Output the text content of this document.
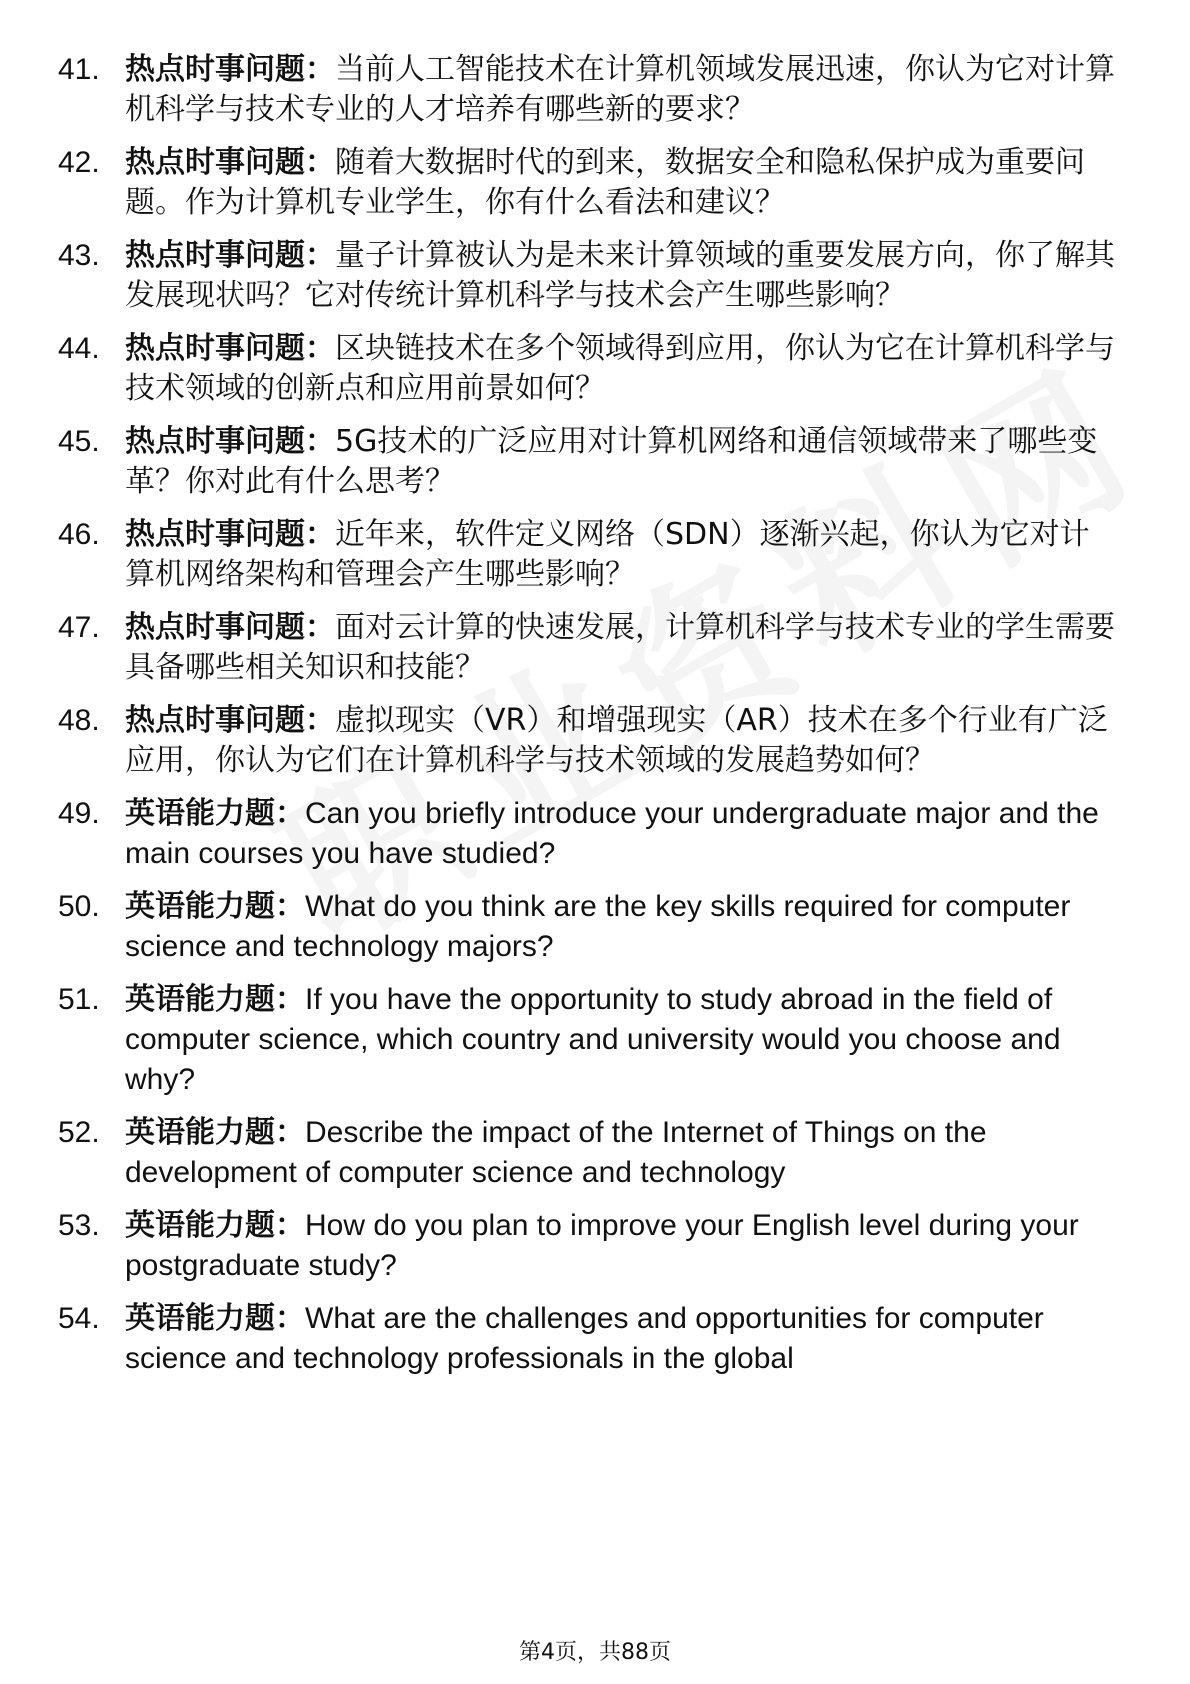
41. 热点时事问题：当前人工智能技术在计算机领域发展迅速，你认为它对计算机科学与技术专业的人才培养有哪些新的要求？
42. 热点时事问题：随着大数据时代的到来，数据安全和隐私保护成为重要问题。作为计算机专业学生，你有什么看法和建议？
43. 热点时事问题：量子计算被认为是未来计算领域的重要发展方向，你了解其发展现状吗？它对传统计算机科学与技术会产生哪些影响？
44. 热点时事问题：区块链技术在多个领域得到应用，你认为它在计算机科学与技术领域的创新点和应用前景如何？
45. 热点时事问题：5G技术的广泛应用对计算机网络和通信领域带来了哪些变革？你对此有什么思考？
46. 热点时事问题：近年来，软件定义网络（SDN）逐渐兴起，你认为它对计算机网络架构和管理会产生哪些影响？
47. 热点时事问题：面对云计算的快速发展，计算机科学与技术专业的学生需要具备哪些相关知识和技能？
48. 热点时事问题：虚拟现实（VR）和增强现实（AR）技术在多个行业有广泛应用，你认为它们在计算机科学与技术领域的发展趋势如何？
49. 英语能力题：Can you briefly introduce your undergraduate major and the main courses you have studied?
50. 英语能力题：What do you think are the key skills required for computer science and technology majors?
51. 英语能力题：If you have the opportunity to study abroad in the field of computer science, which country and university would you choose and why?
52. 英语能力题：Describe the impact of the Internet of Things on the development of computer science and technology
53. 英语能力题：How do you plan to improve your English level during your postgraduate study?
54. 英语能力题：What are the challenges and opportunities for computer science and technology professionals in the global
第4页，共88页
